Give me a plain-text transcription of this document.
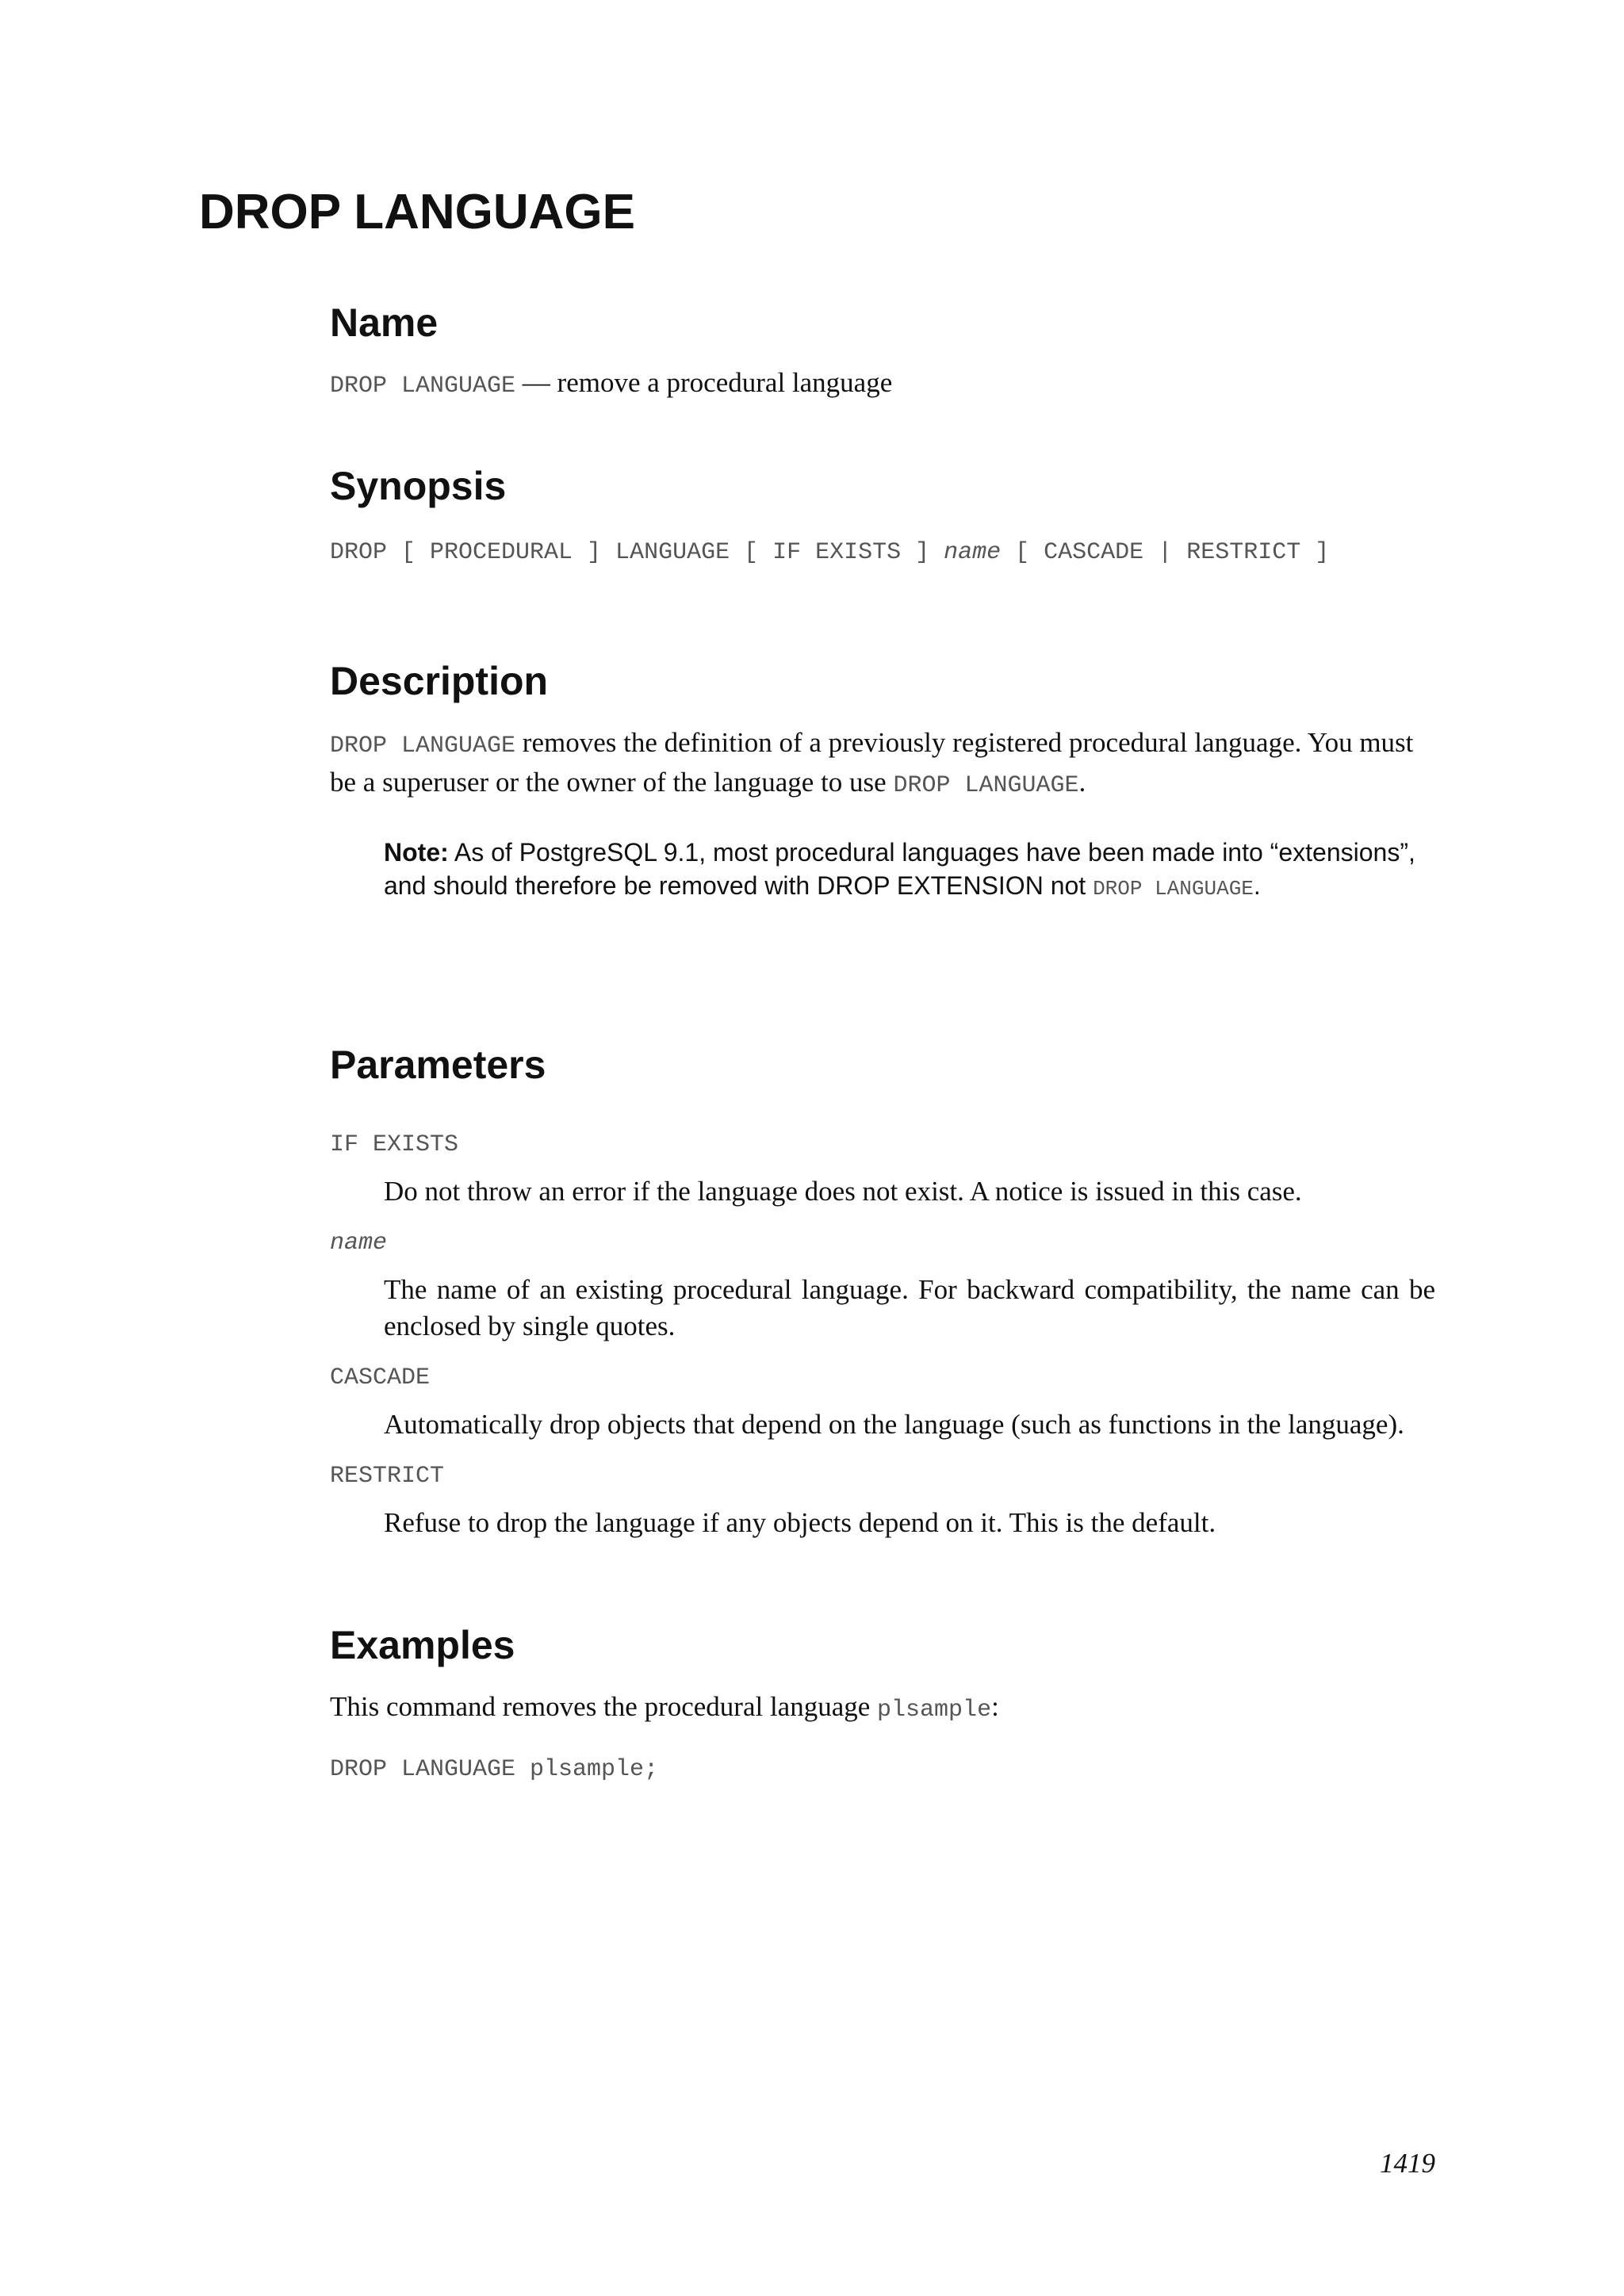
DROP LANGUAGE
Name

DROP LANGUAGE — remove a procedural language

Synopsis

DROP [ PROCEDURAL ] LANGUAGE [ IF EXISTS ] name [ CASCADE | RESTRICT ]

Description

DROP LANGUAGE removes the definition of a previously registered procedural language. You must be a superuser or the owner of the language to use DROP LANGUAGE.

Note: As of PostgreSQL 9.1, most procedural languages have been made into “extensions”, and should therefore be removed with DROP EXTENSION not DROP LANGUAGE.

Parameters

IF EXISTS

Do not throw an error if the language does not exist. A notice is issued in this case.

name

The name of an existing procedural language. For backward compatibility, the name can be enclosed by single quotes.

CASCADE

Automatically drop objects that depend on the language (such as functions in the language).

RESTRICT

Refuse to drop the language if any objects depend on it. This is the default.

Examples

This command removes the procedural language plsample:

DROP LANGUAGE plsample;

1419
